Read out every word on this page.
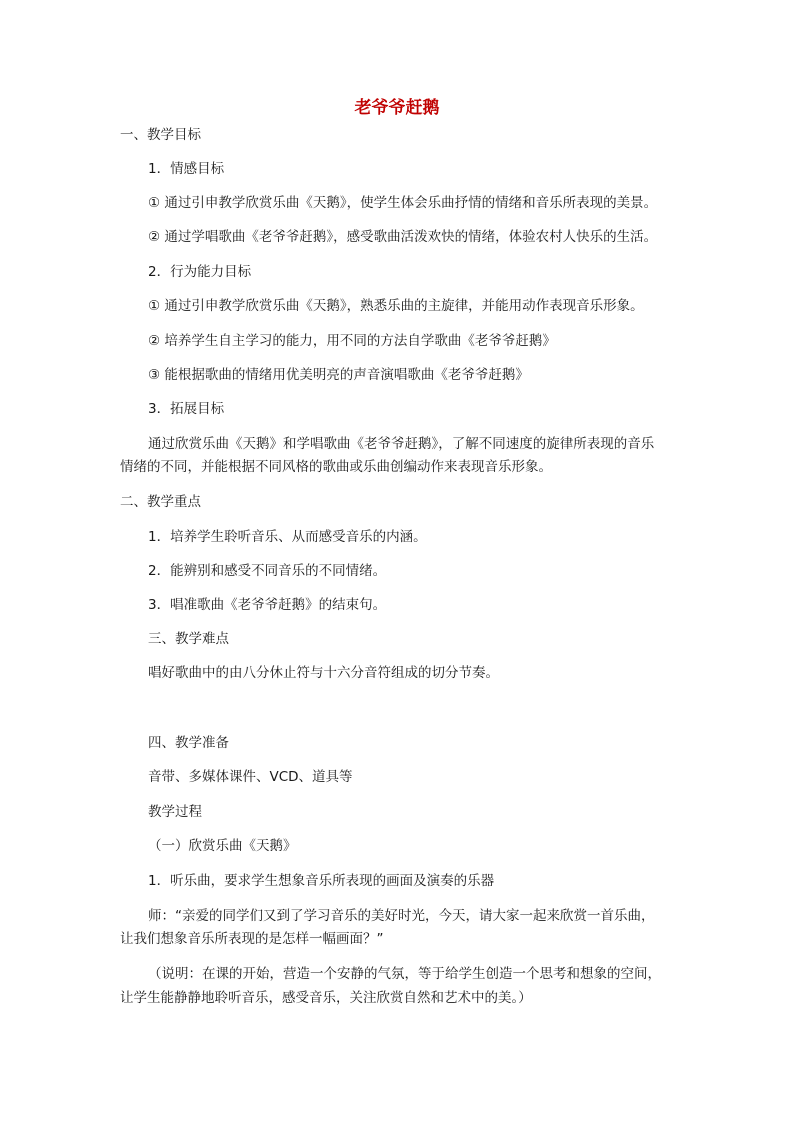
老爷爷赶鹅
一、教学目标
1．情感目标
① 通过引申教学欣赏乐曲《天鹅》，使学生体会乐曲抒情的情绪和音乐所表现的美景。
② 通过学唱歌曲《老爷爷赶鹅》，感受歌曲活泼欢快的情绪，体验农村人快乐的生活。
2．行为能力目标
① 通过引申教学欣赏乐曲《天鹅》，熟悉乐曲的主旋律，并能用动作表现音乐形象。
② 培养学生自主学习的能力，用不同的方法自学歌曲《老爷爷赶鹅》
③ 能根据歌曲的情绪用优美明亮的声音演唱歌曲《老爷爷赶鹅》
3．拓展目标
通过欣赏乐曲《天鹅》和学唱歌曲《老爷爷赶鹅》，了解不同速度的旋律所表现的音乐
情绪的不同，并能根据不同风格的歌曲或乐曲创编动作来表现音乐形象。
二、教学重点
1．培养学生聆听音乐、从而感受音乐的内涵。
2．能辨别和感受不同音乐的不同情绪。
3．唱准歌曲《老爷爷赶鹅》的结束句。
三、教学难点
唱好歌曲中的由八分休止符与十六分音符组成的切分节奏。
四、教学准备
音带、多媒体课件、VCD、道具等
教学过程
（一）欣赏乐曲《天鹅》
1．听乐曲，要求学生想象音乐所表现的画面及演奏的乐器
师：“亲爱的同学们又到了学习音乐的美好时光，今天，请大家一起来欣赏一首乐曲，
让我们想象音乐所表现的是怎样一幅画面？”
（说明：在课的开始，营造一个安静的气氛，等于给学生创造一个思考和想象的空间，
让学生能静静地聆听音乐，感受音乐，关注欣赏自然和艺术中的美。）
